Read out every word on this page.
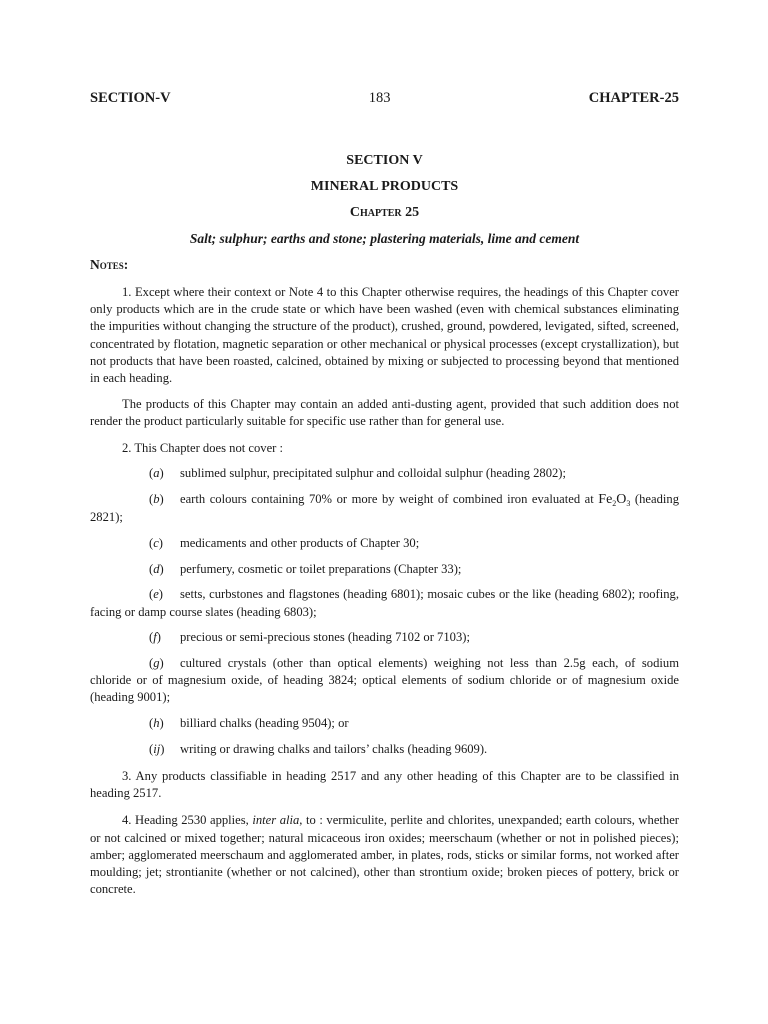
SECTION-V	183	CHAPTER-25
SECTION V
MINERAL PRODUCTS
Chapter 25
Salt; sulphur; earths and stone; plastering materials, lime and cement
Notes:

1. Except where their context or Note 4 to this Chapter otherwise requires, the headings of this Chapter cover only products which are in the crude state or which have been washed (even with chemical substances eliminating the impurities without changing the structure of the product), crushed, ground, powdered, levigated, sifted, screened, concentrated by flotation, magnetic separation or other mechanical or physical processes (except crystallization), but not products that have been roasted, calcined, obtained by mixing or subjected to processing beyond that mentioned in each heading.

The products of this Chapter may contain an added anti-dusting agent, provided that such addition does not render the product particularly suitable for specific use rather than for general use.

2. This Chapter does not cover :

(a) sublimed sulphur, precipitated sulphur and colloidal sulphur (heading 2802);

(b) earth colours containing 70% or more by weight of combined iron evaluated at $Fe_2O_3$ (heading 2821);

(c) medicaments and other products of Chapter 30;

(d) perfumery, cosmetic or toilet preparations (Chapter 33);

(e) setts, curbstones and flagstones (heading 6801); mosaic cubes or the like (heading 6802); roofing, facing or damp course slates (heading 6803);

(f) precious or semi-precious stones (heading 7102 or 7103);

(g) cultured crystals (other than optical elements) weighing not less than 2.5g each, of sodium chloride or of magnesium oxide, of heading 3824; optical elements of sodium chloride or of magnesium oxide (heading 9001);

(h) billiard chalks (heading 9504); or

(ij) writing or drawing chalks and tailors’ chalks (heading 9609).

3. Any products classifiable in heading 2517 and any other heading of this Chapter are to be classified in heading 2517.

4. Heading 2530 applies, inter alia, to : vermiculite, perlite and chlorites, unexpanded; earth colours, whether or not calcined or mixed together; natural micaceous iron oxides; meerschaum (whether or not in polished pieces); amber; agglomerated meerschaum and agglomerated amber, in plates, rods, sticks or similar forms, not worked after moulding; jet; strontianite (whether or not calcined), other than strontium oxide; broken pieces of pottery, brick or concrete.
